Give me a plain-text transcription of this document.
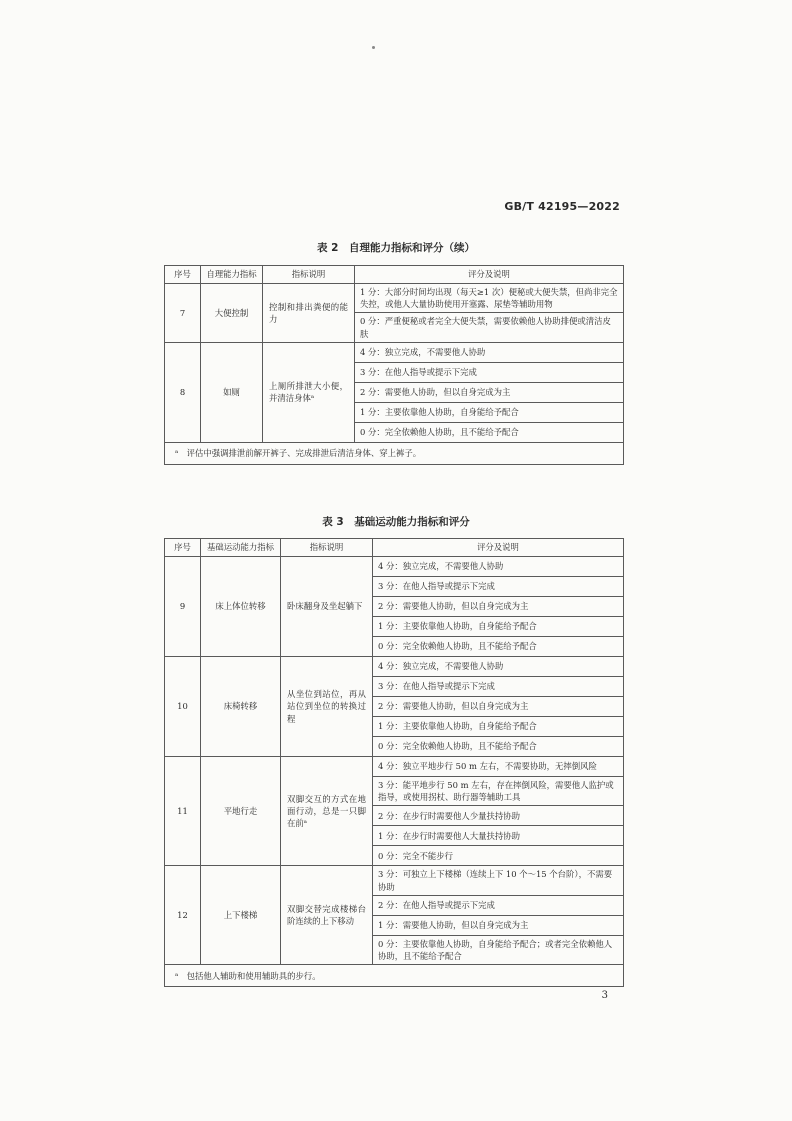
GB/T 42195—2022
表 2　自理能力指标和评分（续）
序号	自理能力指标	指标说明	评分及说明
7	大便控制	控制和排出粪便的能力	1 分：大部分时间均出现（每天≥1 次）便秘或大便失禁，但尚非完全失控，或他人大量协助使用开塞露、尿垫等辅助用物
			0 分：严重便秘或者完全大便失禁，需要依赖他人协助排便或清洁皮肤
8	如厕	上厕所排泄大小便，并清洁身体ᵃ	4 分：独立完成，不需要他人协助
			3 分：在他人指导或提示下完成
			2 分：需要他人协助，但以自身完成为主
			1 分：主要依靠他人协助，自身能给予配合
			0 分：完全依赖他人协助，且不能给予配合
ᵃ　评估中强调排泄前解开裤子、完成排泄后清洁身体、穿上裤子。			
表 3　基础运动能力指标和评分
序号	基础运动能力指标	指标说明	评分及说明
9	床上体位转移	卧床翻身及坐起躺下	4 分：独立完成，不需要他人协助
			3 分：在他人指导或提示下完成
			2 分：需要他人协助，但以自身完成为主
			1 分：主要依靠他人协助，自身能给予配合
			0 分：完全依赖他人协助，且不能给予配合
10	床椅转移	从坐位到站位，再从站位到坐位的转换过程	4 分：独立完成，不需要他人协助
			3 分：在他人指导或提示下完成
			2 分：需要他人协助，但以自身完成为主
			1 分：主要依靠他人协助，自身能给予配合
			0 分：完全依赖他人协助，且不能给予配合
11	平地行走	双脚交互的方式在地面行动，总是一只脚在前ᵃ	4 分：独立平地步行 50 m 左右，不需要协助，无摔倒风险
			3 分：能平地步行 50 m 左右，存在摔倒风险，需要他人监护或指导，或使用拐杖、助行器等辅助工具
			2 分：在步行时需要他人少量扶持协助
			1 分：在步行时需要他人大量扶持协助
			0 分：完全不能步行
12	上下楼梯	双脚交替完成楼梯台阶连续的上下移动	3 分：可独立上下楼梯（连续上下 10 个～15 个台阶），不需要协助
			2 分：在他人指导或提示下完成
			1 分：需要他人协助，但以自身完成为主
			0 分：主要依靠他人协助，自身能给予配合；或者完全依赖他人协助，且不能给予配合
ᵃ　包括他人辅助和使用辅助具的步行。			
3
